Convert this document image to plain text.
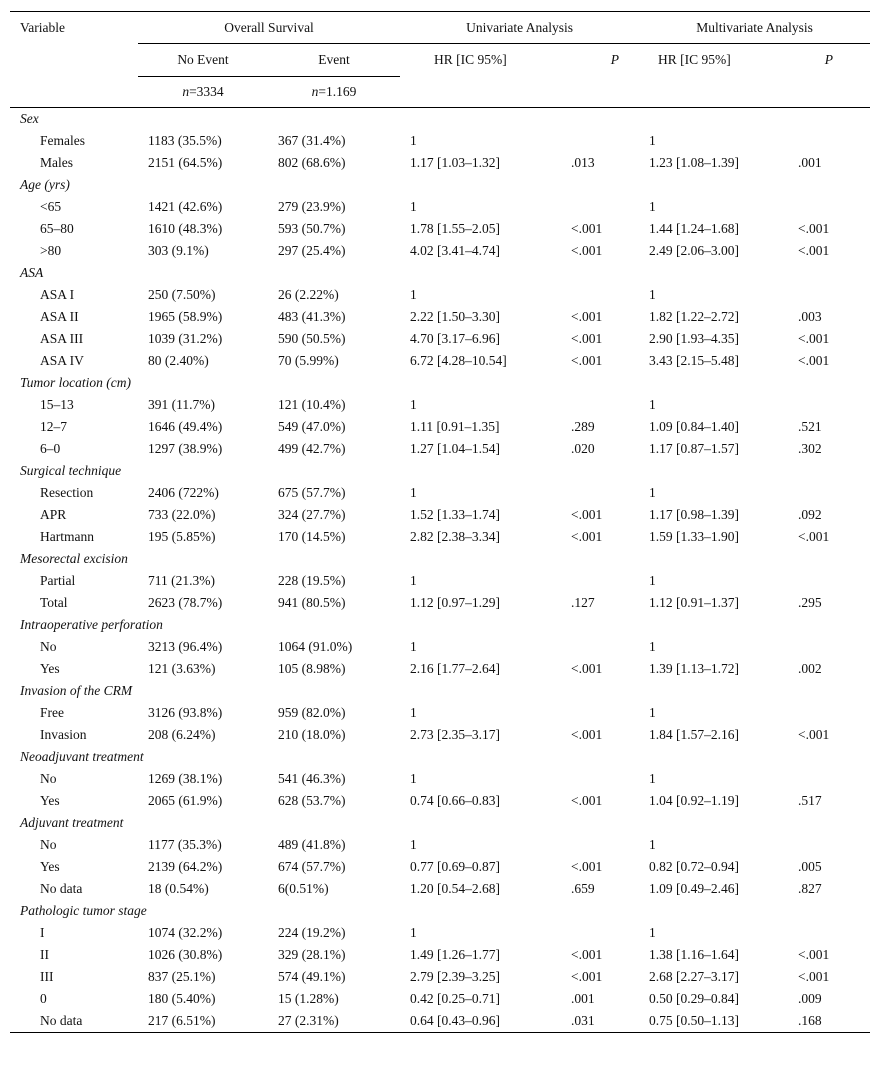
Variable	Overall Survival		Univariate Analysis		Multivariate Analysis	
	No Event	Event	HR [IC 95%]	P	HR [IC 95%]	P
	n=3334	n=1.169				
Sex						
Females	1183 (35.5%)	367 (31.4%)	1		1	
Males	2151 (64.5%)	802 (68.6%)	1.17 [1.03–1.32]	.013	1.23 [1.08–1.39]	.001
Age (yrs)						
<65	1421 (42.6%)	279 (23.9%)	1		1	
65–80	1610 (48.3%)	593 (50.7%)	1.78 [1.55–2.05]	<.001	1.44 [1.24–1.68]	<.001
>80	303 (9.1%)	297 (25.4%)	4.02 [3.41–4.74]	<.001	2.49 [2.06–3.00]	<.001
ASA						
ASA I	250 (7.50%)	26 (2.22%)	1		1	
ASA II	1965 (58.9%)	483 (41.3%)	2.22 [1.50–3.30]	<.001	1.82 [1.22–2.72]	.003
ASA III	1039 (31.2%)	590 (50.5%)	4.70 [3.17–6.96]	<.001	2.90 [1.93–4.35]	<.001
ASA IV	80 (2.40%)	70 (5.99%)	6.72 [4.28–10.54]	<.001	3.43 [2.15–5.48]	<.001
Tumor location (cm)						
15–13	391 (11.7%)	121 (10.4%)	1		1	
12–7	1646 (49.4%)	549 (47.0%)	1.11 [0.91–1.35]	.289	1.09 [0.84–1.40]	.521
6–0	1297 (38.9%)	499 (42.7%)	1.27 [1.04–1.54]	.020	1.17 [0.87–1.57]	.302
Surgical technique						
Resection	2406 (722%)	675 (57.7%)	1		1	
APR	733 (22.0%)	324 (27.7%)	1.52 [1.33–1.74]	<.001	1.17 [0.98–1.39]	.092
Hartmann	195 (5.85%)	170 (14.5%)	2.82 [2.38–3.34]	<.001	1.59 [1.33–1.90]	<.001
Mesorectal excision						
Partial	711 (21.3%)	228 (19.5%)	1		1	
Total	2623 (78.7%)	941 (80.5%)	1.12 [0.97–1.29]	.127	1.12 [0.91–1.37]	.295
Intraoperative perforation						
No	3213 (96.4%)	1064 (91.0%)	1		1	
Yes	121 (3.63%)	105 (8.98%)	2.16 [1.77–2.64]	<.001	1.39 [1.13–1.72]	.002
Invasion of the CRM						
Free	3126 (93.8%)	959 (82.0%)	1		1	
Invasion	208 (6.24%)	210 (18.0%)	2.73 [2.35–3.17]	<.001	1.84 [1.57–2.16]	<.001
Neoadjuvant treatment						
No	1269 (38.1%)	541 (46.3%)	1		1	
Yes	2065 (61.9%)	628 (53.7%)	0.74 [0.66–0.83]	<.001	1.04 [0.92–1.19]	.517
Adjuvant treatment						
No	1177 (35.3%)	489 (41.8%)	1		1	
Yes	2139 (64.2%)	674 (57.7%)	0.77 [0.69–0.87]	<.001	0.82 [0.72–0.94]	.005
No data	18 (0.54%)	6(0.51%)	1.20 [0.54–2.68]	.659	1.09 [0.49–2.46]	.827
Pathologic tumor stage						
I	1074 (32.2%)	224 (19.2%)	1		1	
II	1026 (30.8%)	329 (28.1%)	1.49 [1.26–1.77]	<.001	1.38 [1.16–1.64]	<.001
III	837 (25.1%)	574 (49.1%)	2.79 [2.39–3.25]	<.001	2.68 [2.27–3.17]	<.001
0	180 (5.40%)	15 (1.28%)	0.42 [0.25–0.71]	.001	0.50 [0.29–0.84]	.009
No data	217 (6.51%)	27 (2.31%)	0.64 [0.43–0.96]	.031	0.75 [0.50–1.13]	.168
